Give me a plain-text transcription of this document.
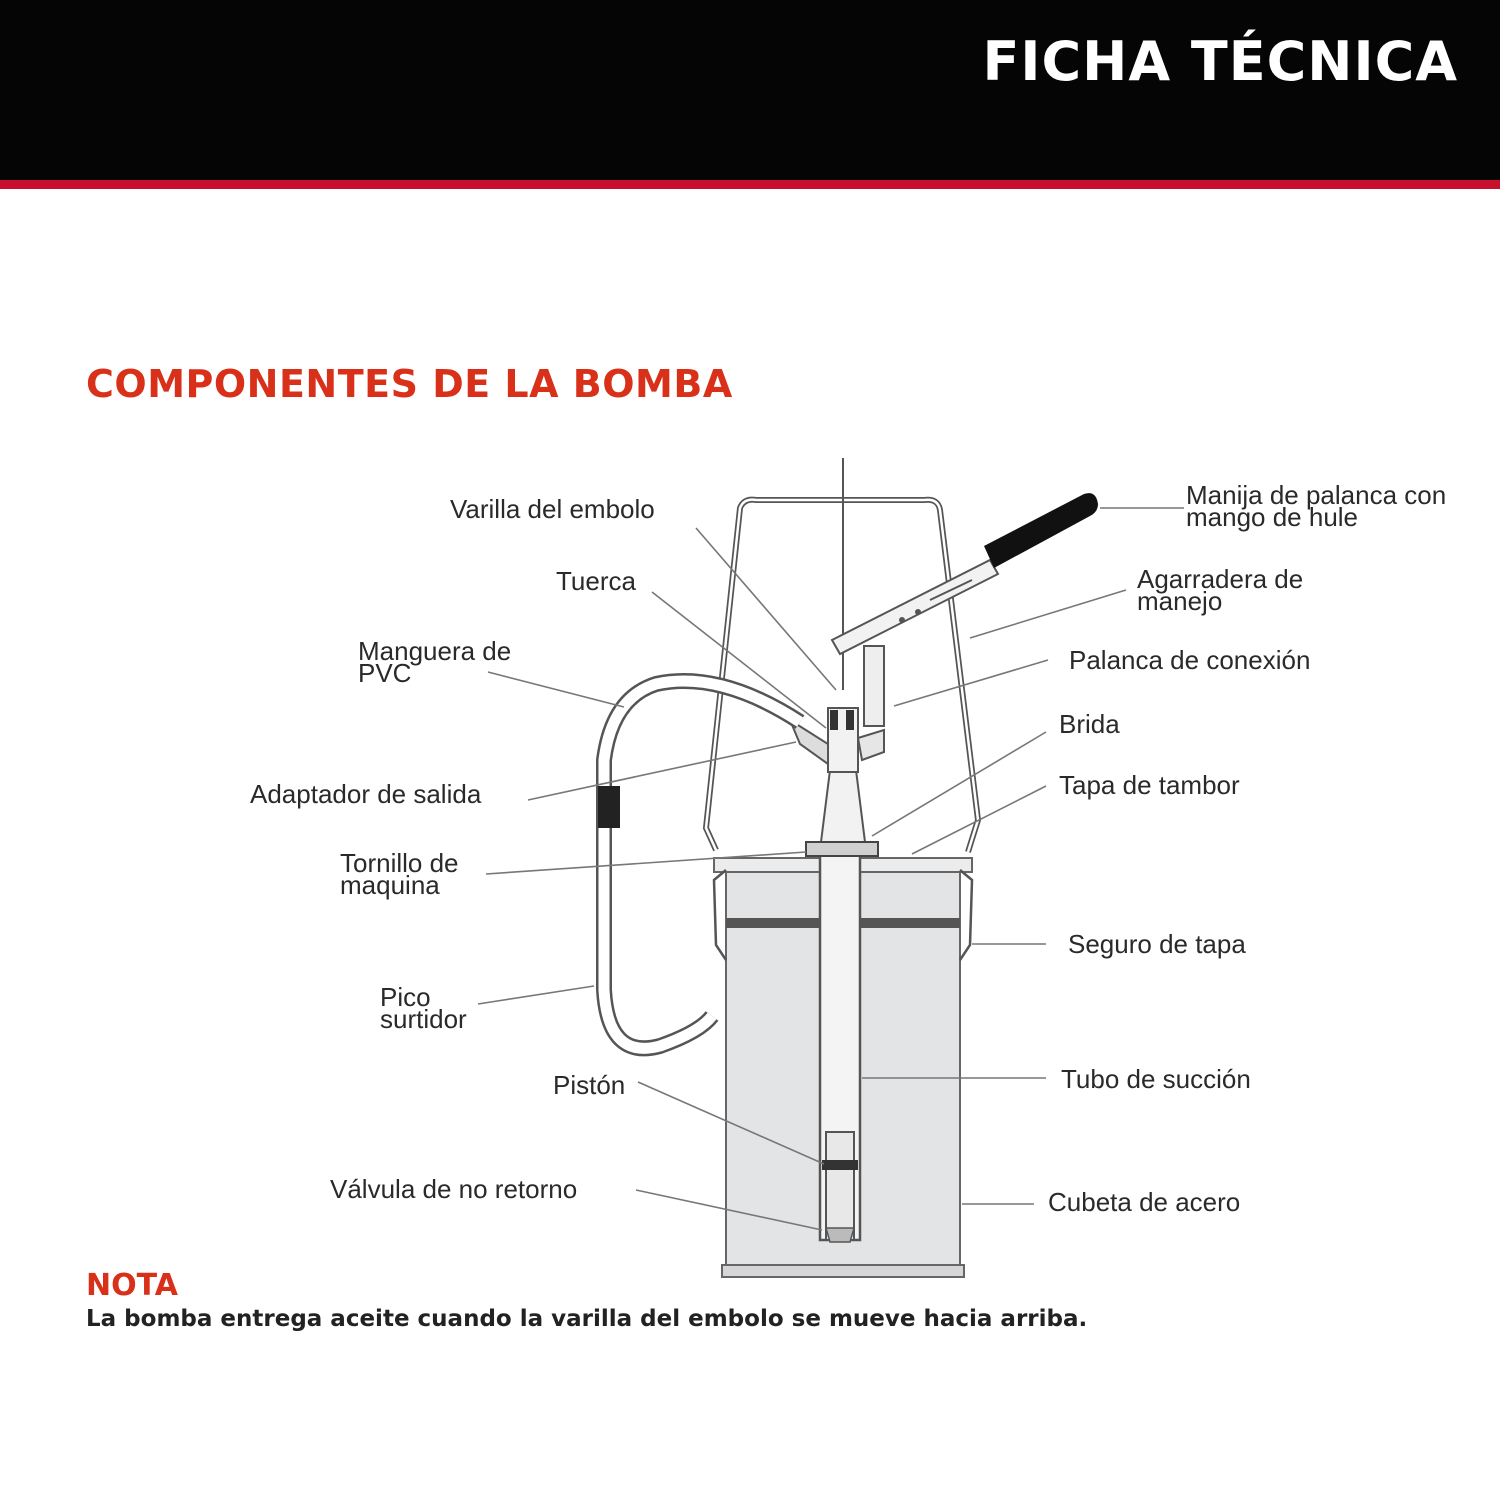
FICHA TÉCNICA
COMPONENTES DE LA BOMBA
Varilla del embolo
Tuerca
Manguera de
PVC
Adaptador de salida
Tornillo de
maquina
Pico
surtidor
Pistón
Válvula de no retorno
Manija de palanca con
mango de hule
Agarradera de
manejo
Palanca de conexión
Brida
Tapa de tambor
Seguro de tapa
Tubo de succión
Cubeta de acero
NOTA
La bomba entrega aceite cuando la varilla del embolo se mueve hacia arriba.
